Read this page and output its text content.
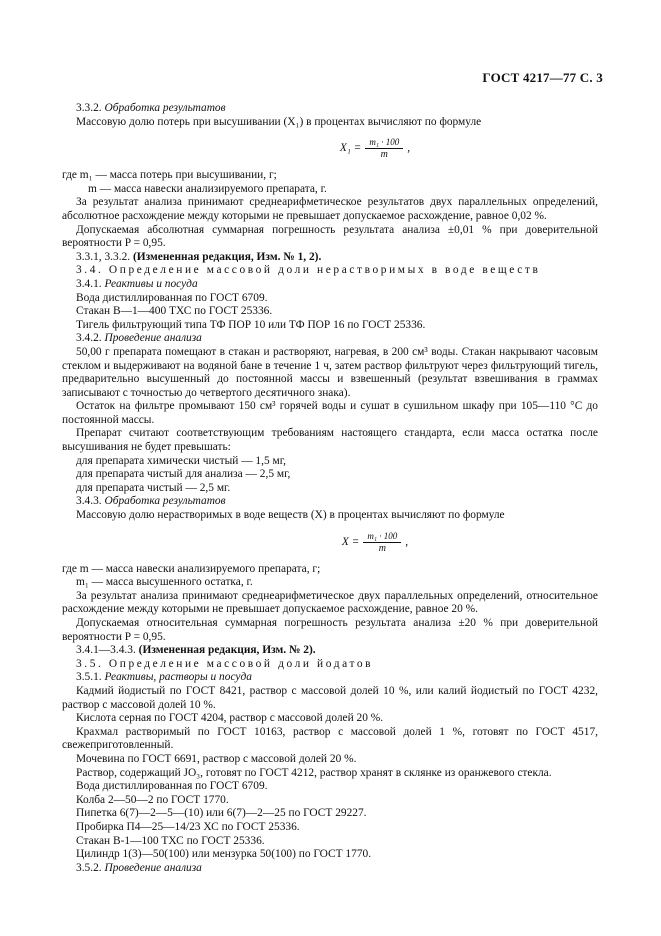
ГОСТ 4217—77 С. 3

3.3.2. Обработка результатов

Массовую долю потерь при высушивании (X₁) в процентах вычисляют по формуле

$X_1 = \frac{\text{m₁ · 100}}{m}$ ,

где m₁ — масса потерь при высушивании, г;

m — масса навески анализируемого препарата, г.

За результат анализа принимают среднеарифметическое результатов двух параллельных определений, абсолютное расхождение между которыми не превышает допускаемое расхождение, равное 0,02 %.

Допускаемая абсолютная суммарная погрешность результата анализа ±0,01 % при доверительной вероятности P = 0,95.

3.3.1, 3.3.2. (Измененная редакция, Изм. № 1, 2).

3.4. Определение массовой доли нерастворимых в воде веществ

3.4.1. Реактивы и посуда

Вода дистиллированная по ГОСТ 6709.

Стакан В—1—400 ТХС по ГОСТ 25336.

Тигель фильтрующий типа ТФ ПОР 10 или ТФ ПОР 16 по ГОСТ 25336.

3.4.2. Проведение анализа

50,00 г препарата помещают в стакан и растворяют, нагревая, в 200 см³ воды. Стакан накрывают часовым стеклом и выдерживают на водяной бане в течение 1 ч, затем раствор фильтруют через фильтрующий тигель, предварительно высушенный до постоянной массы и взвешенный (результат взвешивания в граммах записывают с точностью до четвертого десятичного знака).

Остаток на фильтре промывают 150 см³ горячей воды и сушат в сушильном шкафу при 105—110 °С до постоянной массы.

Препарат считают соответствующим требованиям настоящего стандарта, если масса остатка после высушивания не будет превышать:

для препарата химически чистый — 1,5 мг,

для препарата чистый для анализа — 2,5 мг,

для препарата чистый — 2,5 мг.

3.4.3. Обработка результатов

Массовую долю нерастворимых в воде веществ (X) в процентах вычисляют по формуле

$X = \frac{\text{m₁ · 100}}{m}$ ,

где m — масса навески анализируемого препарата, г;

m₁ — масса высушенного остатка, г.

За результат анализа принимают среднеарифметическое двух параллельных определений, относительное расхождение между которыми не превышает допускаемое расхождение, равное 20 %.

Допускаемая относительная суммарная погрешность результата анализа ±20 % при доверительной вероятности P = 0,95.

3.4.1—3.4.3. (Измененная редакция, Изм. № 2).

3.5. Определение массовой доли йодатов

3.5.1. Реактивы, растворы и посуда

Кадмий йодистый по ГОСТ 8421, раствор с массовой долей 10 %, или калий йодистый по ГОСТ 4232, раствор с массовой долей 10 %.

Кислота серная по ГОСТ 4204, раствор с массовой долей 20 %.

Крахмал растворимый по ГОСТ 10163, раствор с массовой долей 1 %, готовят по ГОСТ 4517, свежеприготовленный.

Мочевина по ГОСТ 6691, раствор с массовой долей 20 %.

Раствор, содержащий JO₃, готовят по ГОСТ 4212, раствор хранят в склянке из оранжевого стекла.

Вода дистиллированная по ГОСТ 6709.

Колба 2—50—2 по ГОСТ 1770.

Пипетка 6(7)—2—5—(10) или 6(7)—2—25 по ГОСТ 29227.

Пробирка П4—25—14/23 ХС по ГОСТ 25336.

Стакан В-1—100 ТХС по ГОСТ 25336.

Цилиндр 1(3)—50(100) или мензурка 50(100) по ГОСТ 1770.

3.5.2. Проведение анализа
